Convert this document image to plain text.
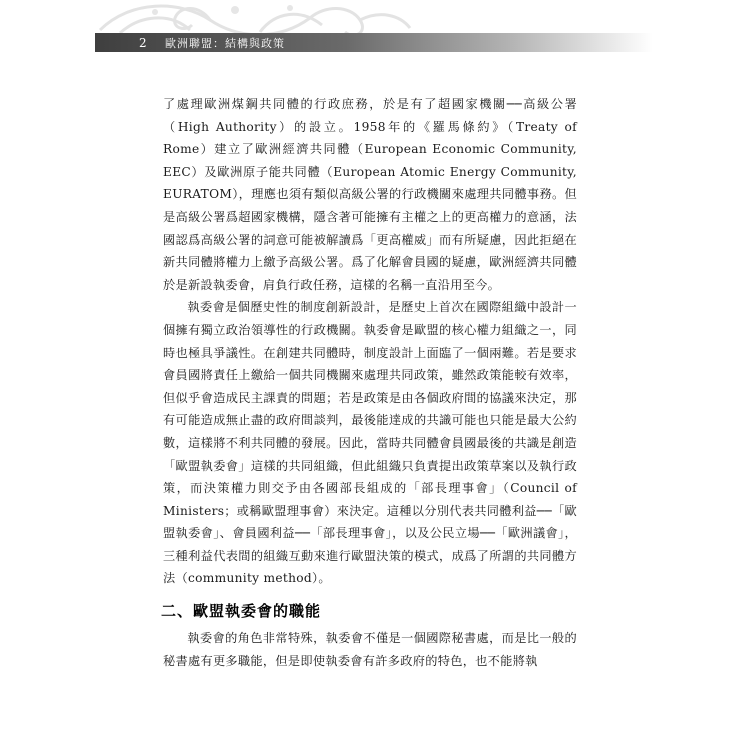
2	歐洲聯盟：結構與政策

了處理歐洲煤鋼共同體的行政庶務，於是有了超國家機關──高級公署（High Authority）的設立。1958年的《羅馬條約》（Treaty of Rome）建立了歐洲經濟共同體（European Economic Community, EEC）及歐洲原子能共同體（European Atomic Energy Community, EURATOM），理應也須有類似高級公署的行政機關來處理共同體事務。但是高級公署爲超國家機構，隱含著可能擁有主權之上的更高權力的意涵，法國認爲高級公署的詞意可能被解讀爲「更高權威」而有所疑慮，因此拒絕在新共同體將權力上繳予高級公署。爲了化解會員國的疑慮，歐洲經濟共同體於是新設執委會，肩負行政任務，這樣的名稱一直沿用至今。

執委會是個歷史性的制度創新設計，是歷史上首次在國際組織中設計一個擁有獨立政治領導性的行政機關。執委會是歐盟的核心權力組織之一，同時也極具爭議性。在創建共同體時，制度設計上面臨了一個兩難。若是要求會員國將責任上繳給一個共同機關來處理共同政策，雖然政策能較有效率，但似乎會造成民主課責的問題；若是政策是由各個政府間的協議來決定，那有可能造成無止盡的政府間談判，最後能達成的共識可能也只能是最大公約數，這樣將不利共同體的發展。因此，當時共同體會員國最後的共識是創造「歐盟執委會」這樣的共同組織，但此組織只負責提出政策草案以及執行政策，而決策權力則交予由各國部長組成的「部長理事會」（Council of Ministers；或稱歐盟理事會）來決定。這種以分別代表共同體利益──「歐盟執委會」、會員國利益──「部長理事會」，以及公民立場──「歐洲議會」，三種利益代表間的組織互動來進行歐盟決策的模式，成爲了所謂的共同體方法（community method）。

二、歐盟執委會的職能

執委會的角色非常特殊，執委會不僅是一個國際秘書處，而是比一般的秘書處有更多職能，但是即使執委會有許多政府的特色，也不能將執
